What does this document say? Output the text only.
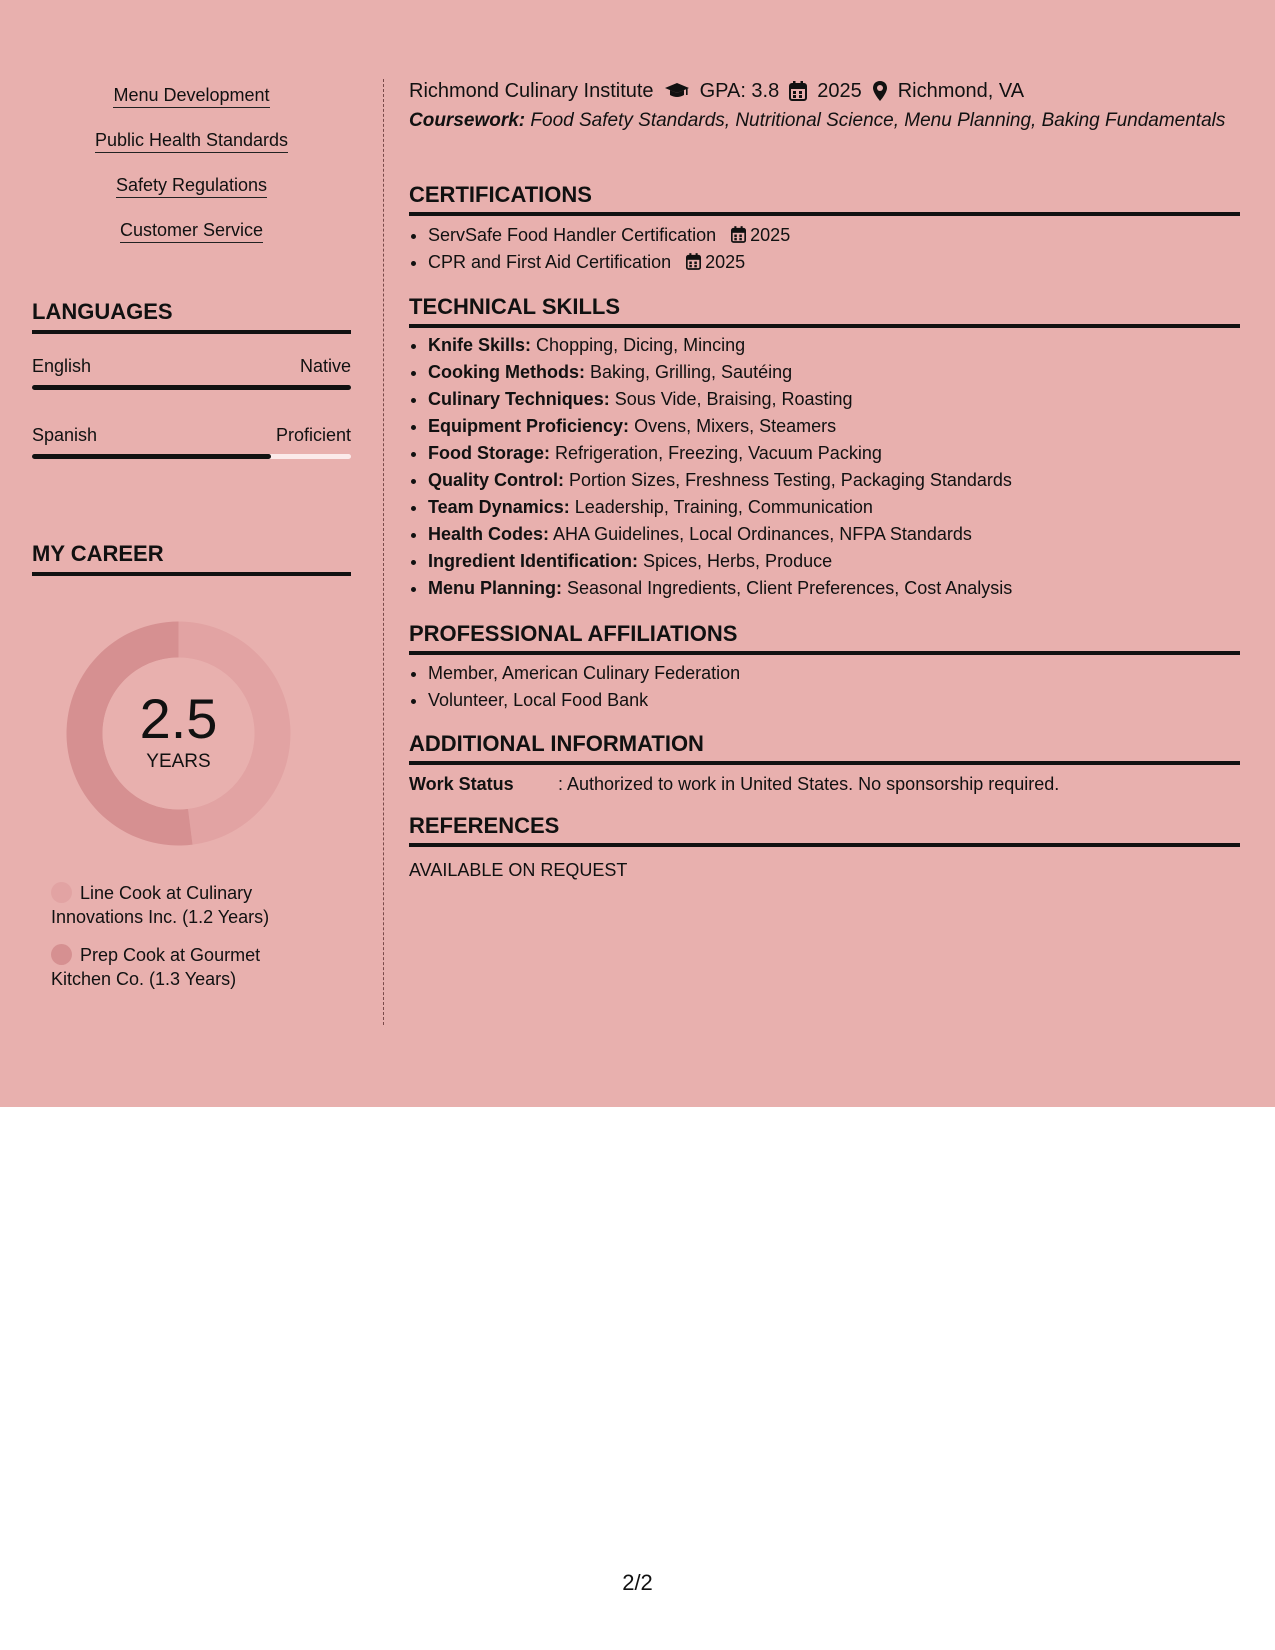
Menu Development
Public Health Standards
Safety Regulations
Customer Service
LANGUAGES
English	Native
Spanish	Proficient
MY CAREER
2.5
YEARS
Line Cook at Culinary Innovations Inc. (1.2 Years)
Prep Cook at Gourmet Kitchen Co. (1.3 Years)
Richmond Culinary Institute GPA: 3.8 2025 Richmond, VA
Coursework: Food Safety Standards, Nutritional Science, Menu Planning, Baking Fundamentals
CERTIFICATIONS
• ServSafe Food Handler Certification 2025
• CPR and First Aid Certification 2025
TECHNICAL SKILLS
• Knife Skills: Chopping, Dicing, Mincing
• Cooking Methods: Baking, Grilling, Sautéing
• Culinary Techniques: Sous Vide, Braising, Roasting
• Equipment Proficiency: Ovens, Mixers, Steamers
• Food Storage: Refrigeration, Freezing, Vacuum Packing
• Quality Control: Portion Sizes, Freshness Testing, Packaging Standards
• Team Dynamics: Leadership, Training, Communication
• Health Codes: AHA Guidelines, Local Ordinances, NFPA Standards
• Ingredient Identification: Spices, Herbs, Produce
• Menu Planning: Seasonal Ingredients, Client Preferences, Cost Analysis
PROFESSIONAL AFFILIATIONS
• Member, American Culinary Federation
• Volunteer, Local Food Bank
ADDITIONAL INFORMATION
Work Status	: Authorized to work in United States. No sponsorship required.
REFERENCES
AVAILABLE ON REQUEST
2/2
